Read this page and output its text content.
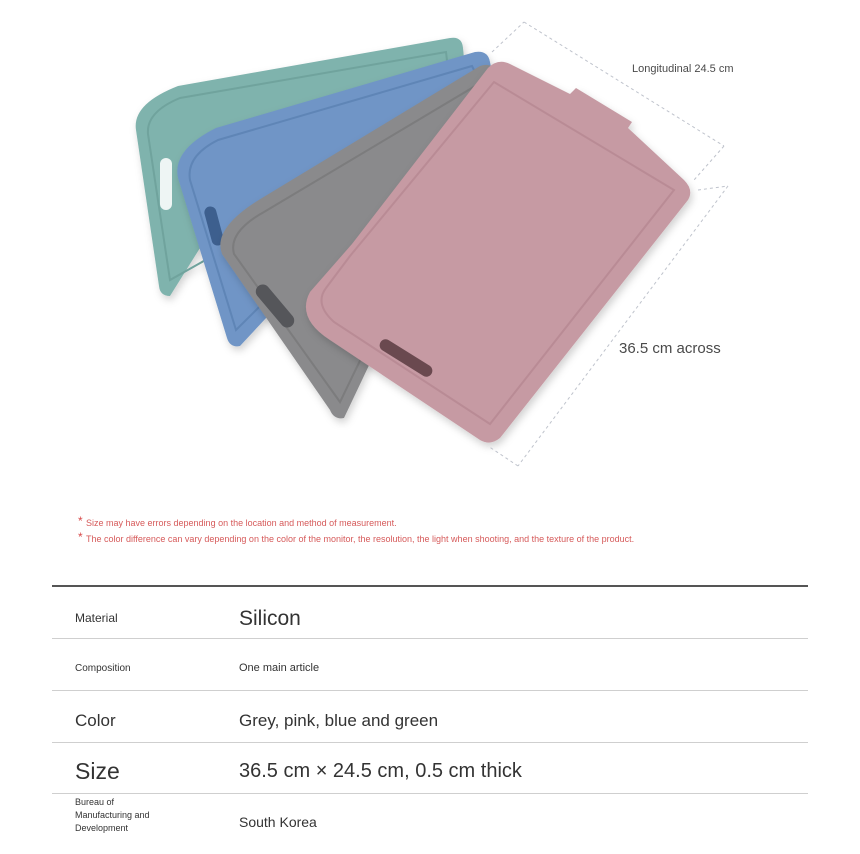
Longitudinal 24.5 cm
36.5 cm across
* Size may have errors depending on the location and method of measurement.
* The color difference can vary depending on the color of the monitor, the resolution, the light when shooting, and the texture of the product.
Material	Silicon
Composition	One main article
Color	Grey, pink, blue and green
Size	36.5 cm × 24.5 cm, 0.5 cm thick
Bureau of Manufacturing and Development	South Korea
